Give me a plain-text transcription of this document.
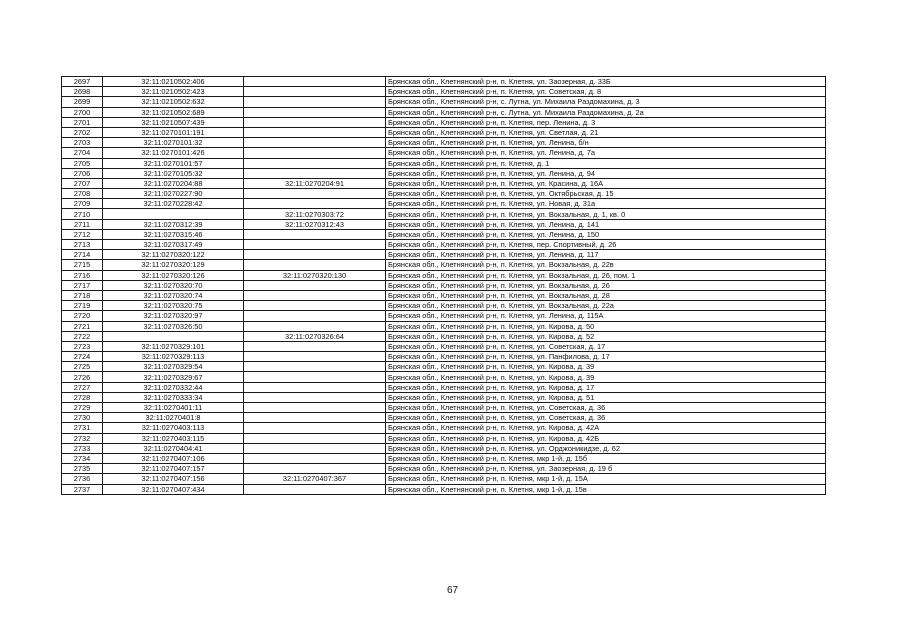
2697	32:11:0210502:406		Брянская обл., Клетнянский р-н, п. Клетня, ул. Заозерная, д. 33Б
2698	32:11:0210502:423		Брянская обл., Клетнянский р-н, п. Клетня, ул. Советская, д. 8
2699	32:11:0210502:632		Брянская обл., Клетнянский р-н, с. Лутна, ул. Михаила Раздомахина, д. 3
2700	32:11:0210502:689		Брянская обл., Клетнянский р-н, с. Лутна, ул. Михаила Раздомахина, д. 2а
2701	32:11:0210507:439		Брянская обл., Клетнянский р-н, п. Клетня, пер. Ленина, д. 3
2702	32:11:0270101:191		Брянская обл., Клетнянский р-н, п. Клетня, ул. Светлая, д. 21
2703	32:11:0270101:32		Брянская обл., Клетнянский р-н, п. Клетня, ул. Ленина, б/н
2704	32:11:0270101:426		Брянская обл., Клетнянский р-н, п. Клетня, ул. Ленина, д. 7а
2705	32:11:0270101:57		Брянская обл., Клетнянский р-н, п. Клетня, д. 1
2706	32:11:0270105:32		Брянская обл., Клетнянский р-н, п. Клетня, ул. Ленина, д. 94
2707	32:11:0270204:88	32:11:0270204:91	Брянская обл., Клетнянский р-н, п. Клетня, ул. Красина, д. 16А
2708	32:11:0270227:90		Брянская обл., Клетнянский р-н, п. Клетня, ул. Октябрьская, д. 15
2709	32:11:0270228:42		Брянская обл., Клетнянский р-н, п. Клетня, ул. Новая, д. 31а
2710		32:11:0270303:72	Брянская обл., Клетнянский р-н, п. Клетня, ул. Вокзальная, д. 1, кв. 0
2711	32:11:0270312:39	32:11:0270312:43	Брянская обл., Клетнянский р-н, п. Клетня, ул. Ленина, д. 141
2712	32:11:0270315:46		Брянская обл., Клетнянский р-н, п. Клетня, ул. Ленина, д. 150
2713	32:11:0270317:49		Брянская обл., Клетнянский р-н, п. Клетня, пер. Спортивный, д. 26
2714	32:11:0270320:122		Брянская обл., Клетнянский р-н, п. Клетня, ул. Ленина, д. 117
2715	32:11:0270320:129		Брянская обл., Клетнянский р-н, п. Клетня, ул. Вокзальная, д. 22в
2716	32:11:0270320:126	32:11:0270320:130	Брянская обл., Клетнянский р-н, п. Клетня, ул. Вокзальная, д. 26, пом. 1
2717	32:11:0270320:70		Брянская обл., Клетнянский р-н, п. Клетня, ул. Вокзальная, д. 26
2718	32:11:0270320:74		Брянская обл., Клетнянский р-н, п. Клетня, ул. Вокзальная, д. 28
2719	32:11:0270320:75		Брянская обл., Клетнянский р-н, п. Клетня, ул. Вокзальная, д. 22а
2720	32:11:0270320:97		Брянская обл., Клетнянский р-н, п. Клетня, ул. Ленина, д. 115А
2721	32:11:0270326:50		Брянская обл., Клетнянский р-н, п. Клетня, ул. Кирова, д. 50
2722		32:11:0270326:64	Брянская обл., Клетнянский р-н, п. Клетня, ул. Кирова, д. 52
2723	32:11:0270329:101		Брянская обл., Клетнянский р-н, п. Клетня, ул. Советская, д. 17
2724	32:11:0270329:113		Брянская обл., Клетнянский р-н, п. Клетня, ул. Панфилова, д. 17
2725	32:11:0270329:54		Брянская обл., Клетнянский р-н, п. Клетня, ул. Кирова, д. 39
2726	32:11:0270329:67		Брянская обл., Клетнянский р-н, п. Клетня, ул. Кирова, д. 39
2727	32:11:0270332:44		Брянская обл., Клетнянский р-н, п. Клетня, ул. Кирова, д. 17
2728	32:11:0270333:34		Брянская обл., Клетнянский р-н, п. Клетня, ул. Кирова, д. 51
2729	32:11:0270401:11		Брянская обл., Клетнянский р-н, п. Клетня, ул. Советская, д. 36
2730	32:11:0270401:8		Брянская обл., Клетнянский р-н, п. Клетня, ул. Советская, д. 36
2731	32:11:0270403:113		Брянская обл., Клетнянский р-н, п. Клетня, ул. Кирова, д. 42А
2732	32:11:0270403:115		Брянская обл., Клетнянский р-н, п. Клетня, ул. Кирова, д. 42Б
2733	32:11:0270404:41		Брянская обл., Клетнянский р-н, п. Клетня, ул. Орджоникидзе, д. 62
2734	32:11:0270407:106		Брянская обл., Клетнянский р-н, п. Клетня, мкр 1-й, д. 15б
2735	32:11:0270407:157		Брянская обл., Клетнянский р-н, п. Клетня, ул. Заозерная, д. 19 б
2736	32:11:0270407:156	32:11:0270407:367	Брянская обл., Клетнянский р-н, п. Клетня, мкр 1-й, д. 15А
2737	32:11:0270407:434		Брянская обл., Клетнянский р-н, п. Клетня, мкр 1-й, д. 15в
67
